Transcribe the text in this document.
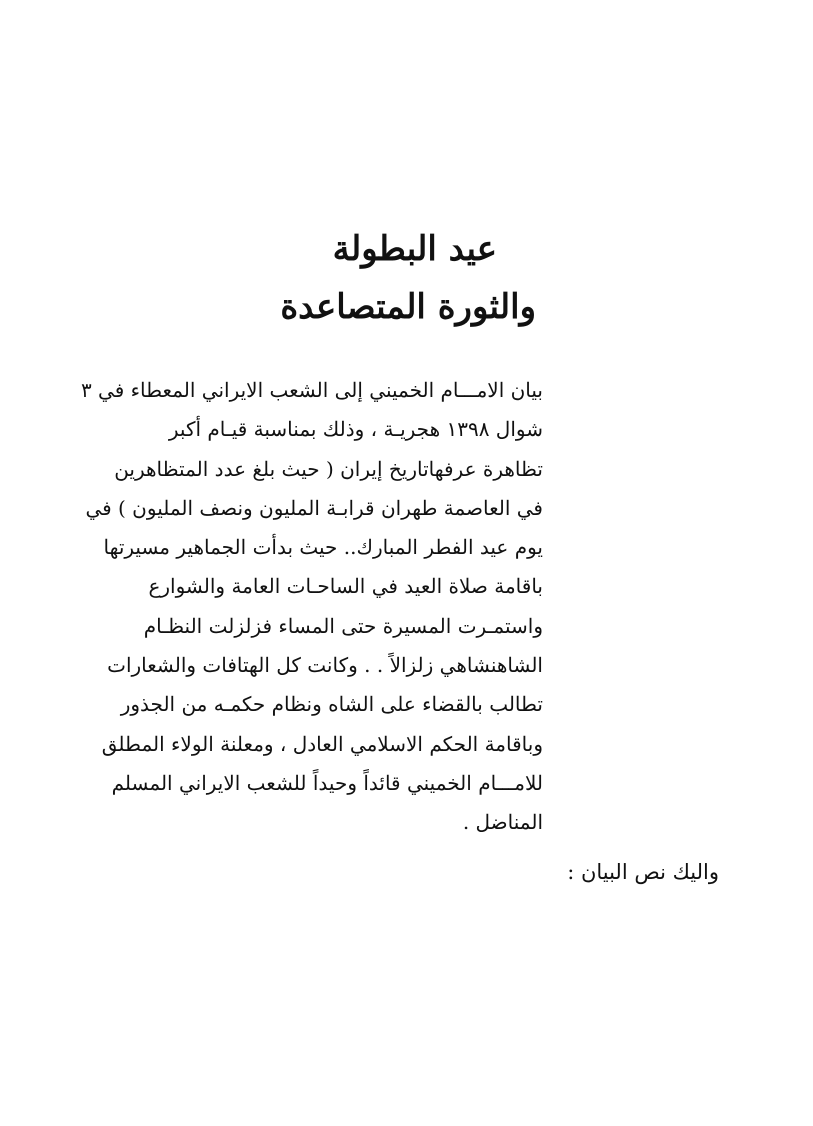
عيد البطولة
والثورة المتصاعدة
بيان الامـــام الخميني إلى الشعب الايراني المعطاء في ٣
شوال ١٣٩٨ هجريـة ، وذلك بمناسبة قيـام أكبر
تظاهرة عرفهاتاريخ إيران ( حيث بلغ عدد المتظاهرين
في العاصمة طهران قرابـة المليون ونصف المليون ) في
يوم عيد الفطر المبارك.. حيث بدأت الجماهير مسيرتها
باقامة صلاة العيد في الساحـات العامة والشوارع
واستمـرت المسيرة حتى المساء فزلزلت النظـام
الشاهنشاهي زلزالاً . . وكانت كل الهتافات والشعارات
تطالب بالقضاء على الشاه ونظام حكمـه من الجذور
وباقامة الحكم الاسلامي العادل ، ومعلنة الولاء المطلق
للامـــام الخميني قائداً وحيداً للشعب الايراني المسلم
المناضل .
واليك نص البيان :
